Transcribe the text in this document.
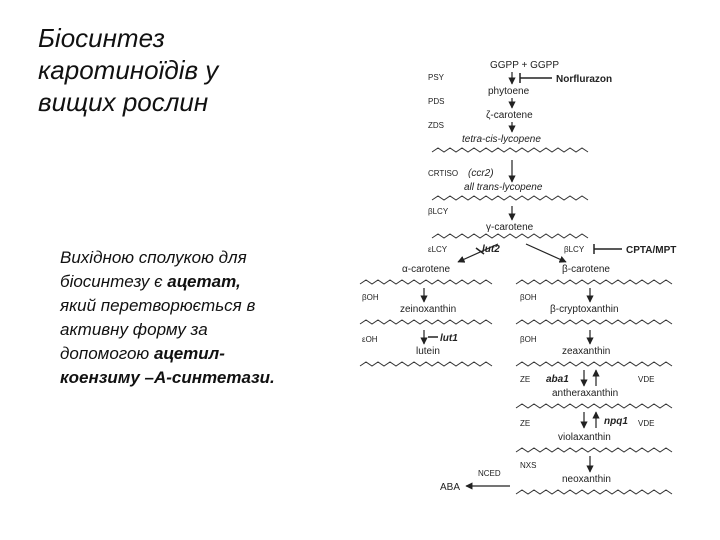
Біосинтез
каротиноїдів у
вищих рослин
Вихідною сполукою для
біосинтезу є ацетат,
який перетворюється в
активну форму за
допомогою ацетил-
коензиму –А-синтетази.
GGPP + GGPP
PSY	Norflurazon
phytoene
PDS
ζ-carotene
ZDS
tetra-cis-lycopene
CRTISO (ccr2)
all trans-lycopene
βLCY
γ-carotene
εLCY	lut2	βLCY	CPTA/MPT
α-carotene
βOH
zeinoxanthin
εOH	lut1
lutein
β-carotene
βOH
β-cryptoxanthin
βOH
zeaxanthin
ZE aba1	VDE
antheraxanthin
ZE	npq1 VDE
violaxanthin
NXS
neoxanthin
NCED
ABA
